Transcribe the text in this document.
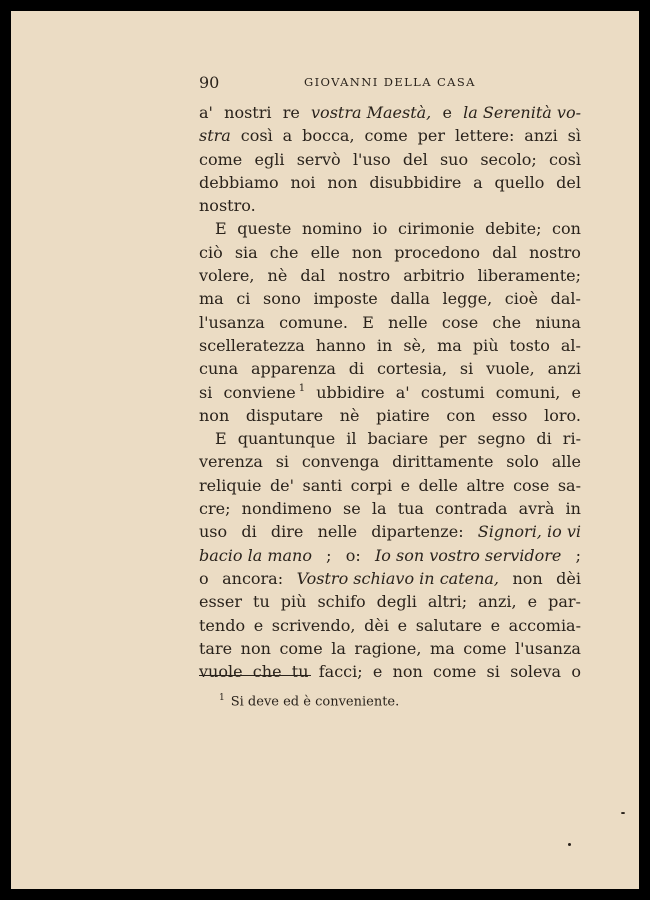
90	GIOVANNI DELLA CASA
a' nostri re vostra Maestà, e la Serenità vo-
stra così a bocca, come per lettere: anzi sì
come egli servò l'uso del suo secolo; così
debbiamo noi non disubbidire a quello del
nostro.
E queste nomino io cirimonie debite; con
ciò sia che elle non procedono dal nostro
volere, nè dal nostro arbitrio liberamente;
ma ci sono imposte dalla legge, cioè dal-
l'usanza comune. E nelle cose che niuna
scelleratezza hanno in sè, ma più tosto al-
cuna apparenza di cortesia, si vuole, anzi
si conviene $^1$ ubbidire a' costumi comuni, e
non disputare nè piatire con esso loro.
E quantunque il baciare per segno di ri-
verenza si convenga dirittamente solo alle
reliquie de' santi corpi e delle altre cose sa-
cre; nondimeno se la tua contrada avrà in
uso di dire nelle dipartenze: Signori, io vi
bacio la mano ; o: Io son vostro servidore ;
o ancora: Vostro schiavo in catena, non dèi
esser tu più schifo degli altri; anzi, e par-
tendo e scrivendo, dèi e salutare e accomia-
tare non come la ragione, ma come l'usanza
vuole che tu facci; e non come si soleva o
$^1$ Si deve ed è conveniente.
